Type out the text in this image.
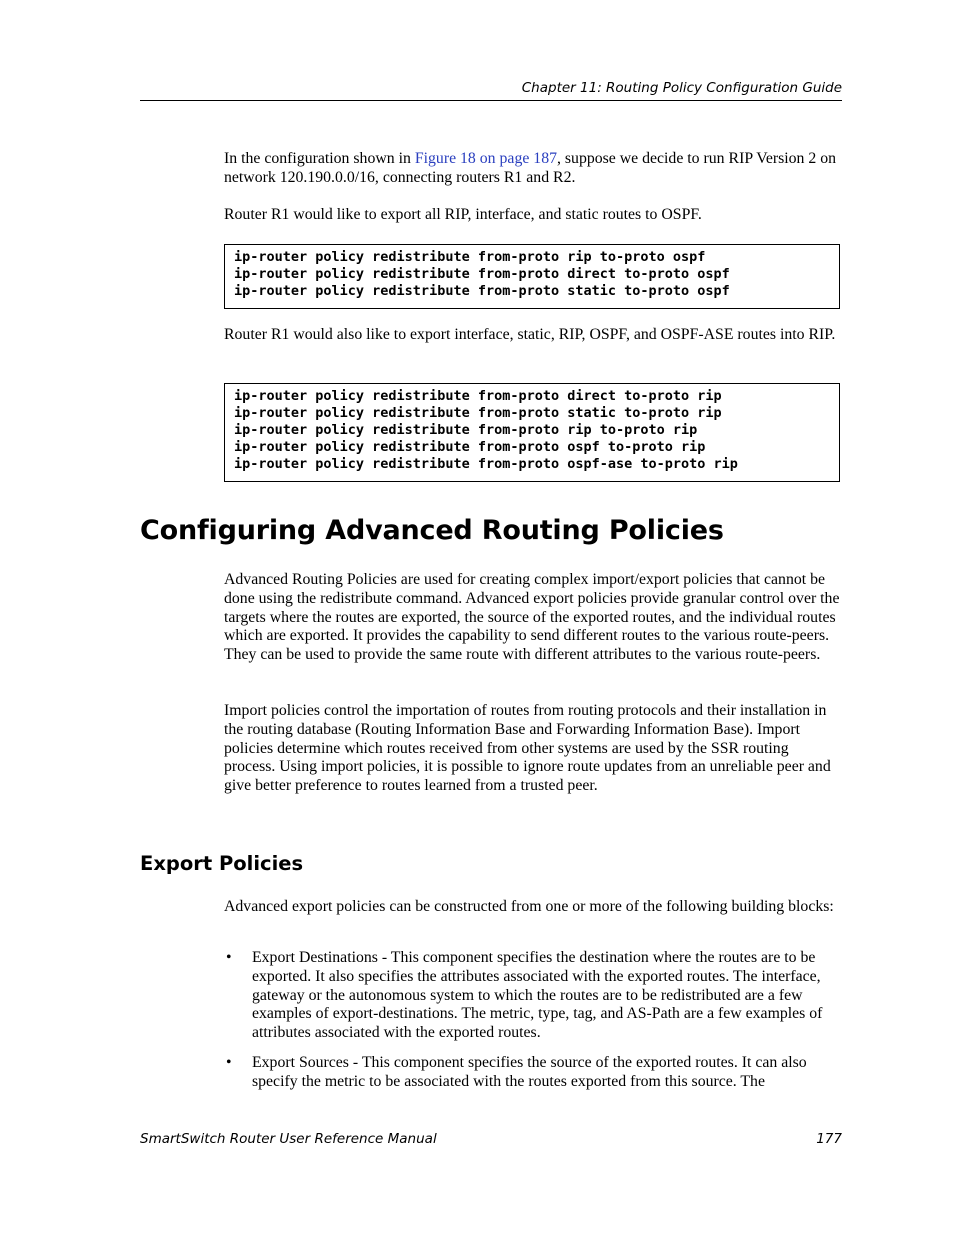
Chapter 11: Routing Policy Configuration Guide

In the configuration shown in Figure 18 on page 187, suppose we decide to run RIP Version 2 on network 120.190.0.0/16, connecting routers R1 and R2.

Router R1 would like to export all RIP, interface, and static routes to OSPF.

ip-router policy redistribute from-proto rip to-proto ospf
ip-router policy redistribute from-proto direct to-proto ospf
ip-router policy redistribute from-proto static to-proto ospf

Router R1 would also like to export interface, static, RIP, OSPF, and OSPF-ASE routes into RIP.

ip-router policy redistribute from-proto direct to-proto rip
ip-router policy redistribute from-proto static to-proto rip
ip-router policy redistribute from-proto rip to-proto rip
ip-router policy redistribute from-proto ospf to-proto rip
ip-router policy redistribute from-proto ospf-ase to-proto rip
Configuring Advanced Routing Policies

Advanced Routing Policies are used for creating complex import/export policies that cannot be done using the redistribute command. Advanced export policies provide granular control over the targets where the routes are exported, the source of the exported routes, and the individual routes which are exported. It provides the capability to send different routes to the various route-peers. They can be used to provide the same route with different attributes to the various route-peers.

Import policies control the importation of routes from routing protocols and their installation in the routing database (Routing Information Base and Forwarding Information Base). Import policies determine which routes received from other systems are used by the SSR routing process. Using import policies, it is possible to ignore route updates from an unreliable peer and give better preference to routes learned from a trusted peer.

Export Policies

Advanced export policies can be constructed from one or more of the following building blocks:

• Export Destinations - This component specifies the destination where the routes are to be exported. It also specifies the attributes associated with the exported routes. The interface, gateway or the autonomous system to which the routes are to be redistributed are a few examples of export-destinations. The metric, type, tag, and AS-Path are a few examples of attributes associated with the exported routes.

• Export Sources - This component specifies the source of the exported routes. It can also specify the metric to be associated with the routes exported from this source. The

SmartSwitch Router User Reference Manual	177
